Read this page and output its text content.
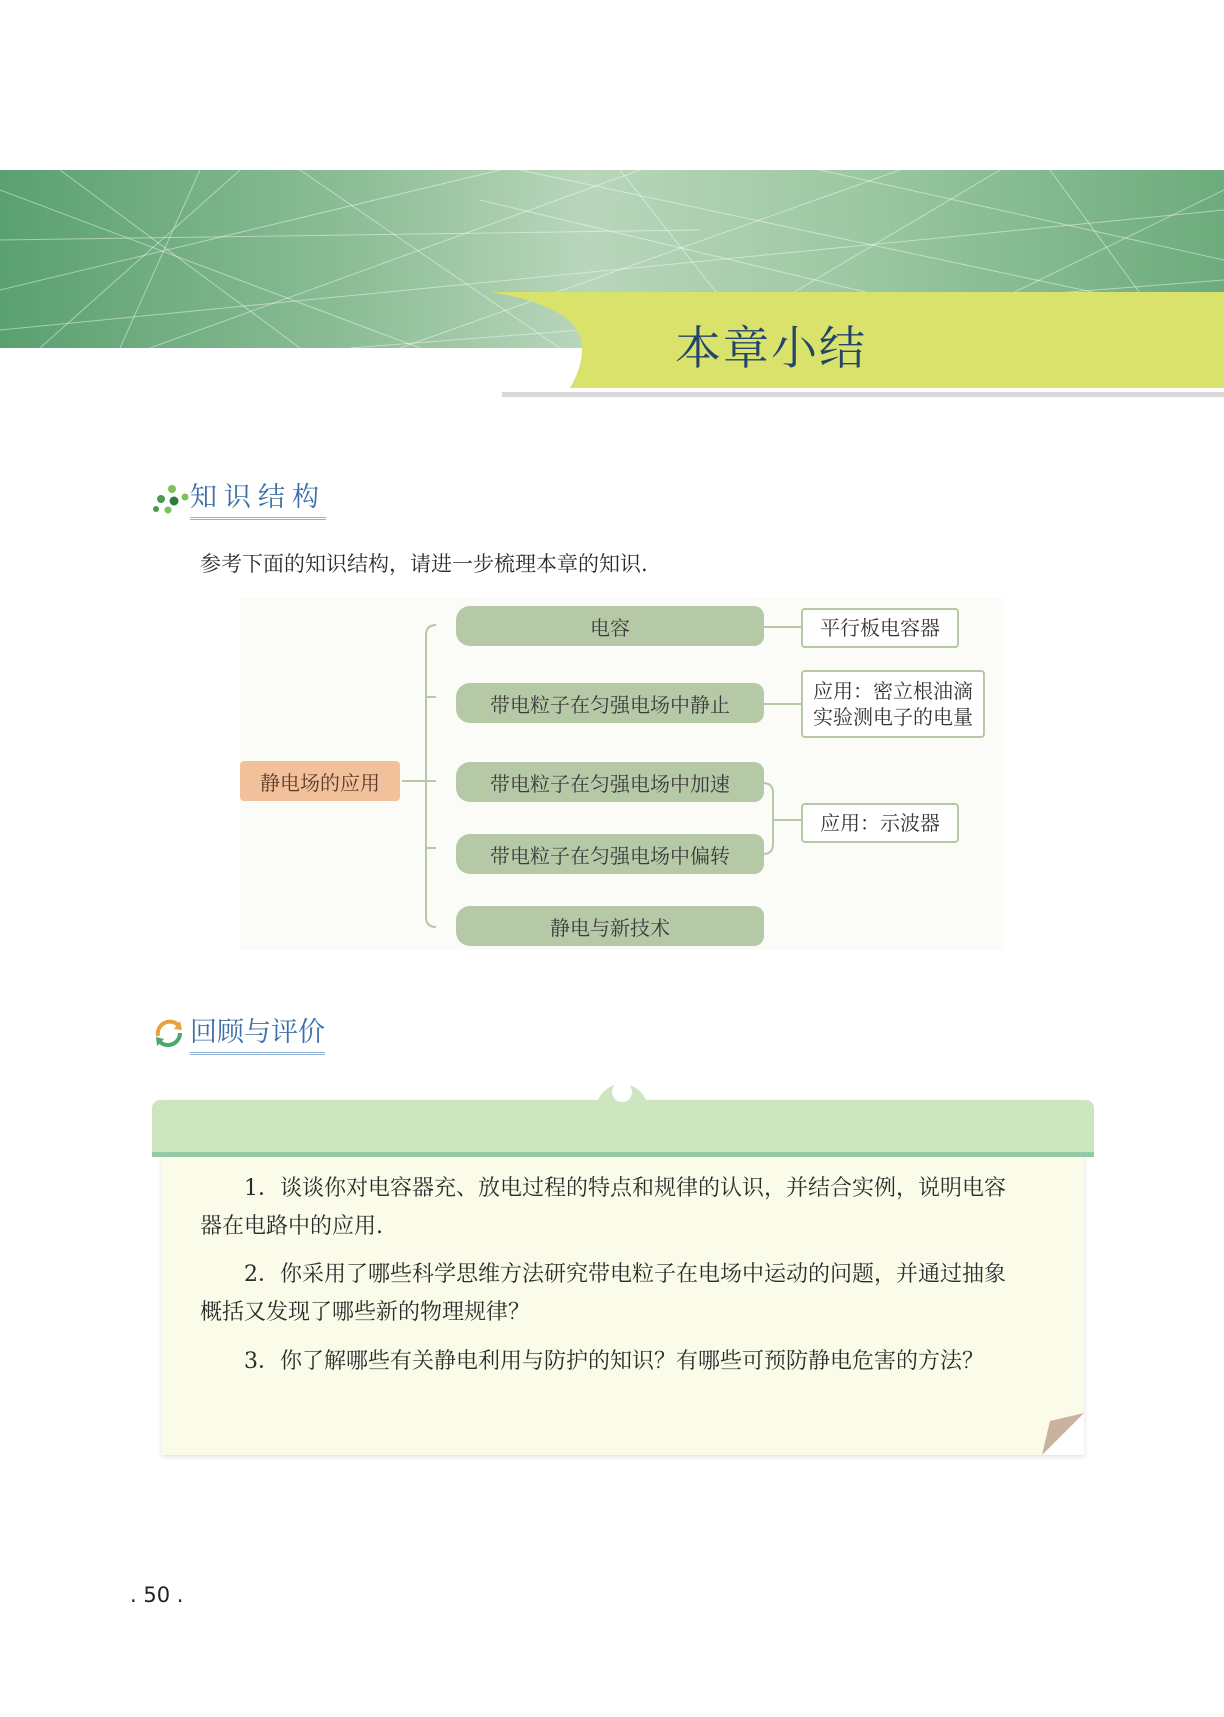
本章小结
知识结构
参考下面的知识结构，请进一步梳理本章的知识.
静电场的应用
电容
带电粒子在匀强电场中静止
带电粒子在匀强电场中加速
带电粒子在匀强电场中偏转
静电与新技术
平行板电容器
应用：密立根油滴
实验测电子的电量
应用：示波器
回顾与评价
1．谈谈你对电容器充、放电过程的特点和规律的认识，并结合实例，说明电容器在电路中的应用.
2．你采用了哪些科学思维方法研究带电粒子在电场中运动的问题，并通过抽象概括又发现了哪些新的物理规律？
3．你了解哪些有关静电利用与防护的知识？有哪些可预防静电危害的方法？
. 50 .
